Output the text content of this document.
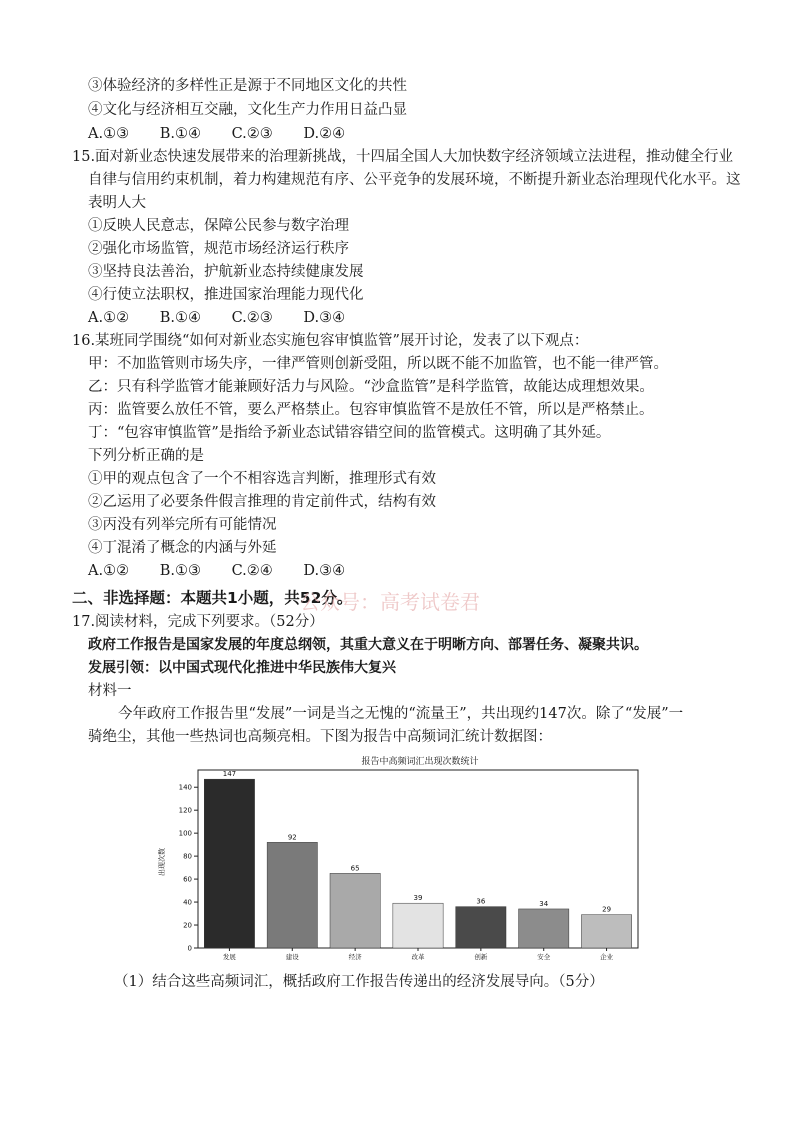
③体验经济的多样性正是源于不同地区文化的共性
④文化与经济相互交融，文化生产力作用日益凸显
A.①③ B.①④ C.②③ D.②④
15.面对新业态快速发展带来的治理新挑战，十四届全国人大加快数字经济领域立法进程，推动健全行业
自律与信用约束机制，着力构建规范有序、公平竞争的发展环境，不断提升新业态治理现代化水平。这
表明人大
①反映人民意志，保障公民参与数字治理
②强化市场监管，规范市场经济运行秩序
③坚持良法善治，护航新业态持续健康发展
④行使立法职权，推进国家治理能力现代化
A.①② B.①④ C.②③ D.③④
16.某班同学围绕“如何对新业态实施包容审慎监管”展开讨论，发表了以下观点：
甲：不加监管则市场失序，一律严管则创新受阻，所以既不能不加监管，也不能一律严管。
乙：只有科学监管才能兼顾好活力与风险。“沙盒监管”是科学监管，故能达成理想效果。
丙：监管要么放任不管，要么严格禁止。包容审慎监管不是放任不管，所以是严格禁止。
丁：“包容审慎监管”是指给予新业态试错容错空间的监管模式。这明确了其外延。
下列分析正确的是
①甲的观点包含了一个不相容选言判断，推理形式有效
②乙运用了必要条件假言推理的肯定前件式，结构有效
③丙没有列举完所有可能情况
④丁混淆了概念的内涵与外延
A.①② B.①③ C.②④ D.③④
二、非选择题：本题共1小题，共52分。
公众号：高考试卷君
17.阅读材料，完成下列要求。（52分）
政府工作报告是国家发展的年度总纲领，其重大意义在于明晰方向、部署任务、凝聚共识。
发展引领：以中国式现代化推进中华民族伟大复兴
材料一
今年政府工作报告里“发展”一词是当之无愧的“流量王”，共出现约147次。除了“发展”一
骑绝尘，其他一些热词也高频亮相。下图为报告中高频词汇统计数据图：
报告中高频词汇出现次数统计
出现次数
0
20
40
60
80
100
120
140
147
92
65
39	36	34
29
发展	建设	经济	改革	创新	安全	企业
（1）结合这些高频词汇，概括政府工作报告传递出的经济发展导向。（5分）
